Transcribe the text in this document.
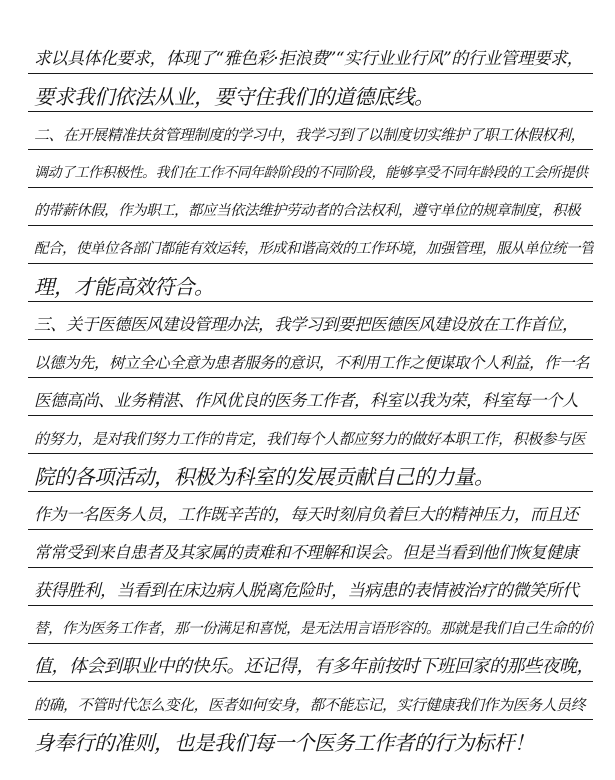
求以具体化要求，体现了“雅色彩·拒浪费”“实行业业行风”的行业管理要求，
要求我们依法从业，要守住我们的道德底线。
二、在开展精准扶贫管理制度的学习中，我学习到了以制度切实维护了职工休假权利，
调动了工作积极性。我们在工作不同年龄阶段的不同阶段，能够享受不同年龄段的工会所提供
的带薪休假，作为职工，都应当依法维护劳动者的合法权利，遵守单位的规章制度，积极
配合，使单位各部门都能有效运转，形成和谐高效的工作环境，加强管理，服从单位统一管
理，才能高效符合。
三、关于医德医风建设管理办法，我学习到要把医德医风建设放在工作首位，
以德为先，树立全心全意为患者服务的意识，不利用工作之便谋取个人利益，作一名
医德高尚、业务精湛、作风优良的医务工作者，科室以我为荣，科室每一个人
的努力，是对我们努力工作的肯定，我们每个人都应努力的做好本职工作，积极参与医
院的各项活动，积极为科室的发展贡献自己的力量。
作为一名医务人员，工作既辛苦的，每天时刻肩负着巨大的精神压力，而且还
常常受到来自患者及其家属的责难和不理解和误会。但是当看到他们恢复健康
获得胜利，当看到在床边病人脱离危险时，当病患的表情被治疗的微笑所代
替，作为医务工作者，那一份满足和喜悦，是无法用言语形容的。那就是我们自己生命的价
值，体会到职业中的快乐。还记得，有多年前按时下班回家的那些夜晚，
的确，不管时代怎么变化，医者如何安身，都不能忘记，实行健康我们作为医务人员终
身奉行的准则，也是我们每一个医务工作者的行为标杆！
